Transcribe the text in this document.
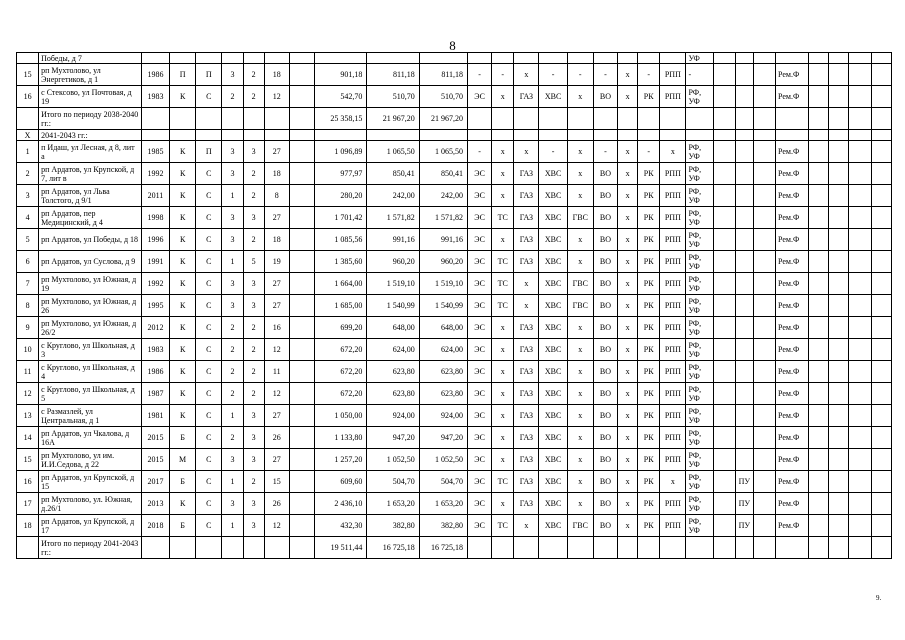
8
	Победы, д 7																				УФ								
15	рп Мухтолово, ул Энергетиков, д 1	1986	П	П	3	2	18		901,18	811,18	811,18	-	-	х	-	-	-	х	-	РПП	-				Рем.Ф				
16	с Стексово, ул Почтовая, д 19	1983	К	С	2	2	12		542,70	510,70	510,70	ЭС	х	ГАЗ	ХВС	х	ВО	х	РК	РПП	РФ, УФ				Рем.Ф				
	Итого по периоду 2038-2040 гг.:								25 358,15	21 967,20	21 967,20																		
X	2041-2043 гг.:																												
1	п Идаш, ул Лесная, д 8, лит а	1985	К	П	3	3	27		1 096,89	1 065,50	1 065,50	-	х	х	-	х	-	х	-	х	РФ, УФ				Рем.Ф				
2	рп Ардатов, ул Крупской, д 7, лит в	1992	К	С	3	2	18		977,97	850,41	850,41	ЭС	х	ГАЗ	ХВС	х	ВО	х	РК	РПП	РФ, УФ				Рем.Ф				
3	рп Ардатов, ул Льва Толстого, д 9/1	2011	К	С	1	2	8		280,20	242,00	242,00	ЭС	х	ГАЗ	ХВС	х	ВО	х	РК	РПП	РФ, УФ				Рем.Ф				
4	рп Ардатов, пер Медицинский, д 4	1998	К	С	3	3	27		1 701,42	1 571,82	1 571,82	ЭС	ТС	ГАЗ	ХВС	ГВС	ВО	х	РК	РПП	РФ, УФ				Рем.Ф				
5	рп Ардатов, ул Победы, д 18	1996	К	С	3	2	18		1 085,56	991,16	991,16	ЭС	х	ГАЗ	ХВС	х	ВО	х	РК	РПП	РФ, УФ				Рем.Ф				
6	рп Ардатов, ул Суслова, д 9	1991	К	С	1	5	19		1 385,60	960,20	960,20	ЭС	ТС	ГАЗ	ХВС	х	ВО	х	РК	РПП	РФ, УФ				Рем.Ф				
7	рп Мухтолово, ул Южная, д 19	1992	К	С	3	3	27		1 664,00	1 519,10	1 519,10	ЭС	ТС	х	ХВС	ГВС	ВО	х	РК	РПП	РФ, УФ				Рем.Ф				
8	рп Мухтолово, ул Южная, д 26	1995	К	С	3	3	27		1 685,00	1 540,99	1 540,99	ЭС	ТС	х	ХВС	ГВС	ВО	х	РК	РПП	РФ, УФ				Рем.Ф				
9	рп Мухтолово, ул Южная, д 26/2	2012	К	С	2	2	16		699,20	648,00	648,00	ЭС	х	ГАЗ	ХВС	х	ВО	х	РК	РПП	РФ, УФ				Рем.Ф				
10	с Круглово, ул Школьная, д 3	1983	К	С	2	2	12		672,20	624,00	624,00	ЭС	х	ГАЗ	ХВС	х	ВО	х	РК	РПП	РФ, УФ				Рем.Ф				
11	с Круглово, ул Школьная, д 4	1986	К	С	2	2	11		672,20	623,80	623,80	ЭС	х	ГАЗ	ХВС	х	ВО	х	РК	РПП	РФ, УФ				Рем.Ф				
12	с Круглово, ул Школьная, д 5	1987	К	С	2	2	12		672,20	623,80	623,80	ЭС	х	ГАЗ	ХВС	х	ВО	х	РК	РПП	РФ, УФ				Рем.Ф				
13	с Размазлей, ул Центральная, д 1	1981	К	С	1	3	27		1 050,00	924,00	924,00	ЭС	х	ГАЗ	ХВС	х	ВО	х	РК	РПП	РФ, УФ				Рем.Ф				
14	рп Ардатов, ул Чкалова, д 16А	2015	Б	С	2	3	26		1 133,80	947,20	947,20	ЭС	х	ГАЗ	ХВС	х	ВО	х	РК	РПП	РФ, УФ				Рем.Ф				
15	рп Мухтолово, ул им. И.И.Седова, д 22	2015	М	С	3	3	27		1 257,20	1 052,50	1 052,50	ЭС	х	ГАЗ	ХВС	х	ВО	х	РК	РПП	РФ, УФ				Рем.Ф				
16	рп Ардатов, ул Крупской, д 15	2017	Б	С	1	2	15		609,60	504,70	504,70	ЭС	ТС	ГАЗ	ХВС	х	ВО	х	РК	х	РФ, УФ		ПУ		Рем.Ф				
17	рп Мухтолово, ул. Южная, д.26/1	2013	К	С	3	3	26		2 436,10	1 653,20	1 653,20	ЭС	х	ГАЗ	ХВС	х	ВО	х	РК	РПП	РФ, УФ		ПУ		Рем.Ф				
18	рп Ардатов, ул Крупской, д 17	2018	Б	С	1	3	12		432,30	382,80	382,80	ЭС	ТС	х	ХВС	ГВС	ВО	х	РК	РПП	РФ, УФ		ПУ		Рем.Ф				
	Итого по периоду 2041-2043 гг.:								19 511,44	16 725,18	16 725,18																		
9.
